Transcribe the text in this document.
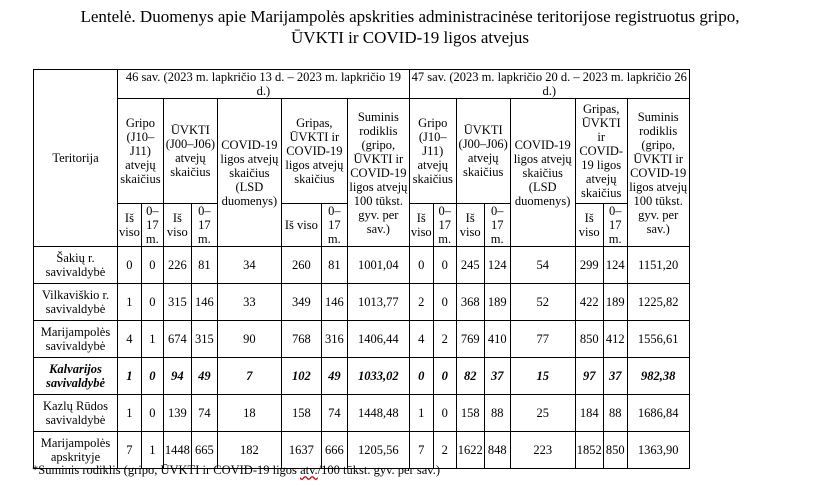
Lentelė. Duomenys apie Marijampolės apskrities administracinėse teritorijose registruotus gripo,
ŪVKTI ir COVID-19 ligos atvejus
Teritorija	46 sav. (2023 m. lapkričio 13 d. – 2023 m. lapkričio 19 d.)								47 sav. (2023 m. lapkričio 20 d. – 2023 m. lapkričio 26 d.)							
	Gripo (J10–J11) atvejų skaičius		ŪVKTI (J00–J06) atvejų skaičius		COVID-19 ligos atvejų skaičius (LSD duomenys)	Gripas, ŪVKTI ir COVID-19 ligos atvejų skaičius		Suminis rodiklis (gripo, ŪVKTI ir COVID-19 ligos atvejų 100 tūkst. gyv. per sav.)	Gripo (J10–J11) atvejų skaičius		ŪVKTI (J00–J06) atvejų skaičius		COVID-19 ligos atvejų skaičius (LSD duomenys)	Gripas, ŪVKTI ir COVID-19 ligos atvejų skaičius		Suminis rodiklis (gripo, ŪVKTI ir COVID-19 ligos atvejų 100 tūkst. gyv. per sav.)
	Iš viso	0–17 m.	Iš viso	0–17 m.		Iš viso	0–17 m.		Iš viso	0–17 m.	Iš viso	0–17 m.		Iš viso	0–17 m.	
Šakių r. savivaldybė	0	0	226	81	34	260	81	1001,04	0	0	245	124	54	299	124	1151,20
Vilkaviškio r. savivaldybė	1	0	315	146	33	349	146	1013,77	2	0	368	189	52	422	189	1225,82
Marijampolės savivaldybė	4	1	674	315	90	768	316	1406,44	4	2	769	410	77	850	412	1556,61
Kalvarijos savivaldybė	1	0	94	49	7	102	49	1033,02	0	0	82	37	15	97	37	982,38
Kazlų Rūdos savivaldybė	1	0	139	74	18	158	74	1448,48	1	0	158	88	25	184	88	1686,84
Marijampolės apskrityje	7	1	1448	665	182	1637	666	1205,56	7	2	1622	848	223	1852	850	1363,90
*Suminis rodiklis (gripo, ŪVKTI ir COVID-19 ligos atv./100 tūkst. gyv. per sav.)
